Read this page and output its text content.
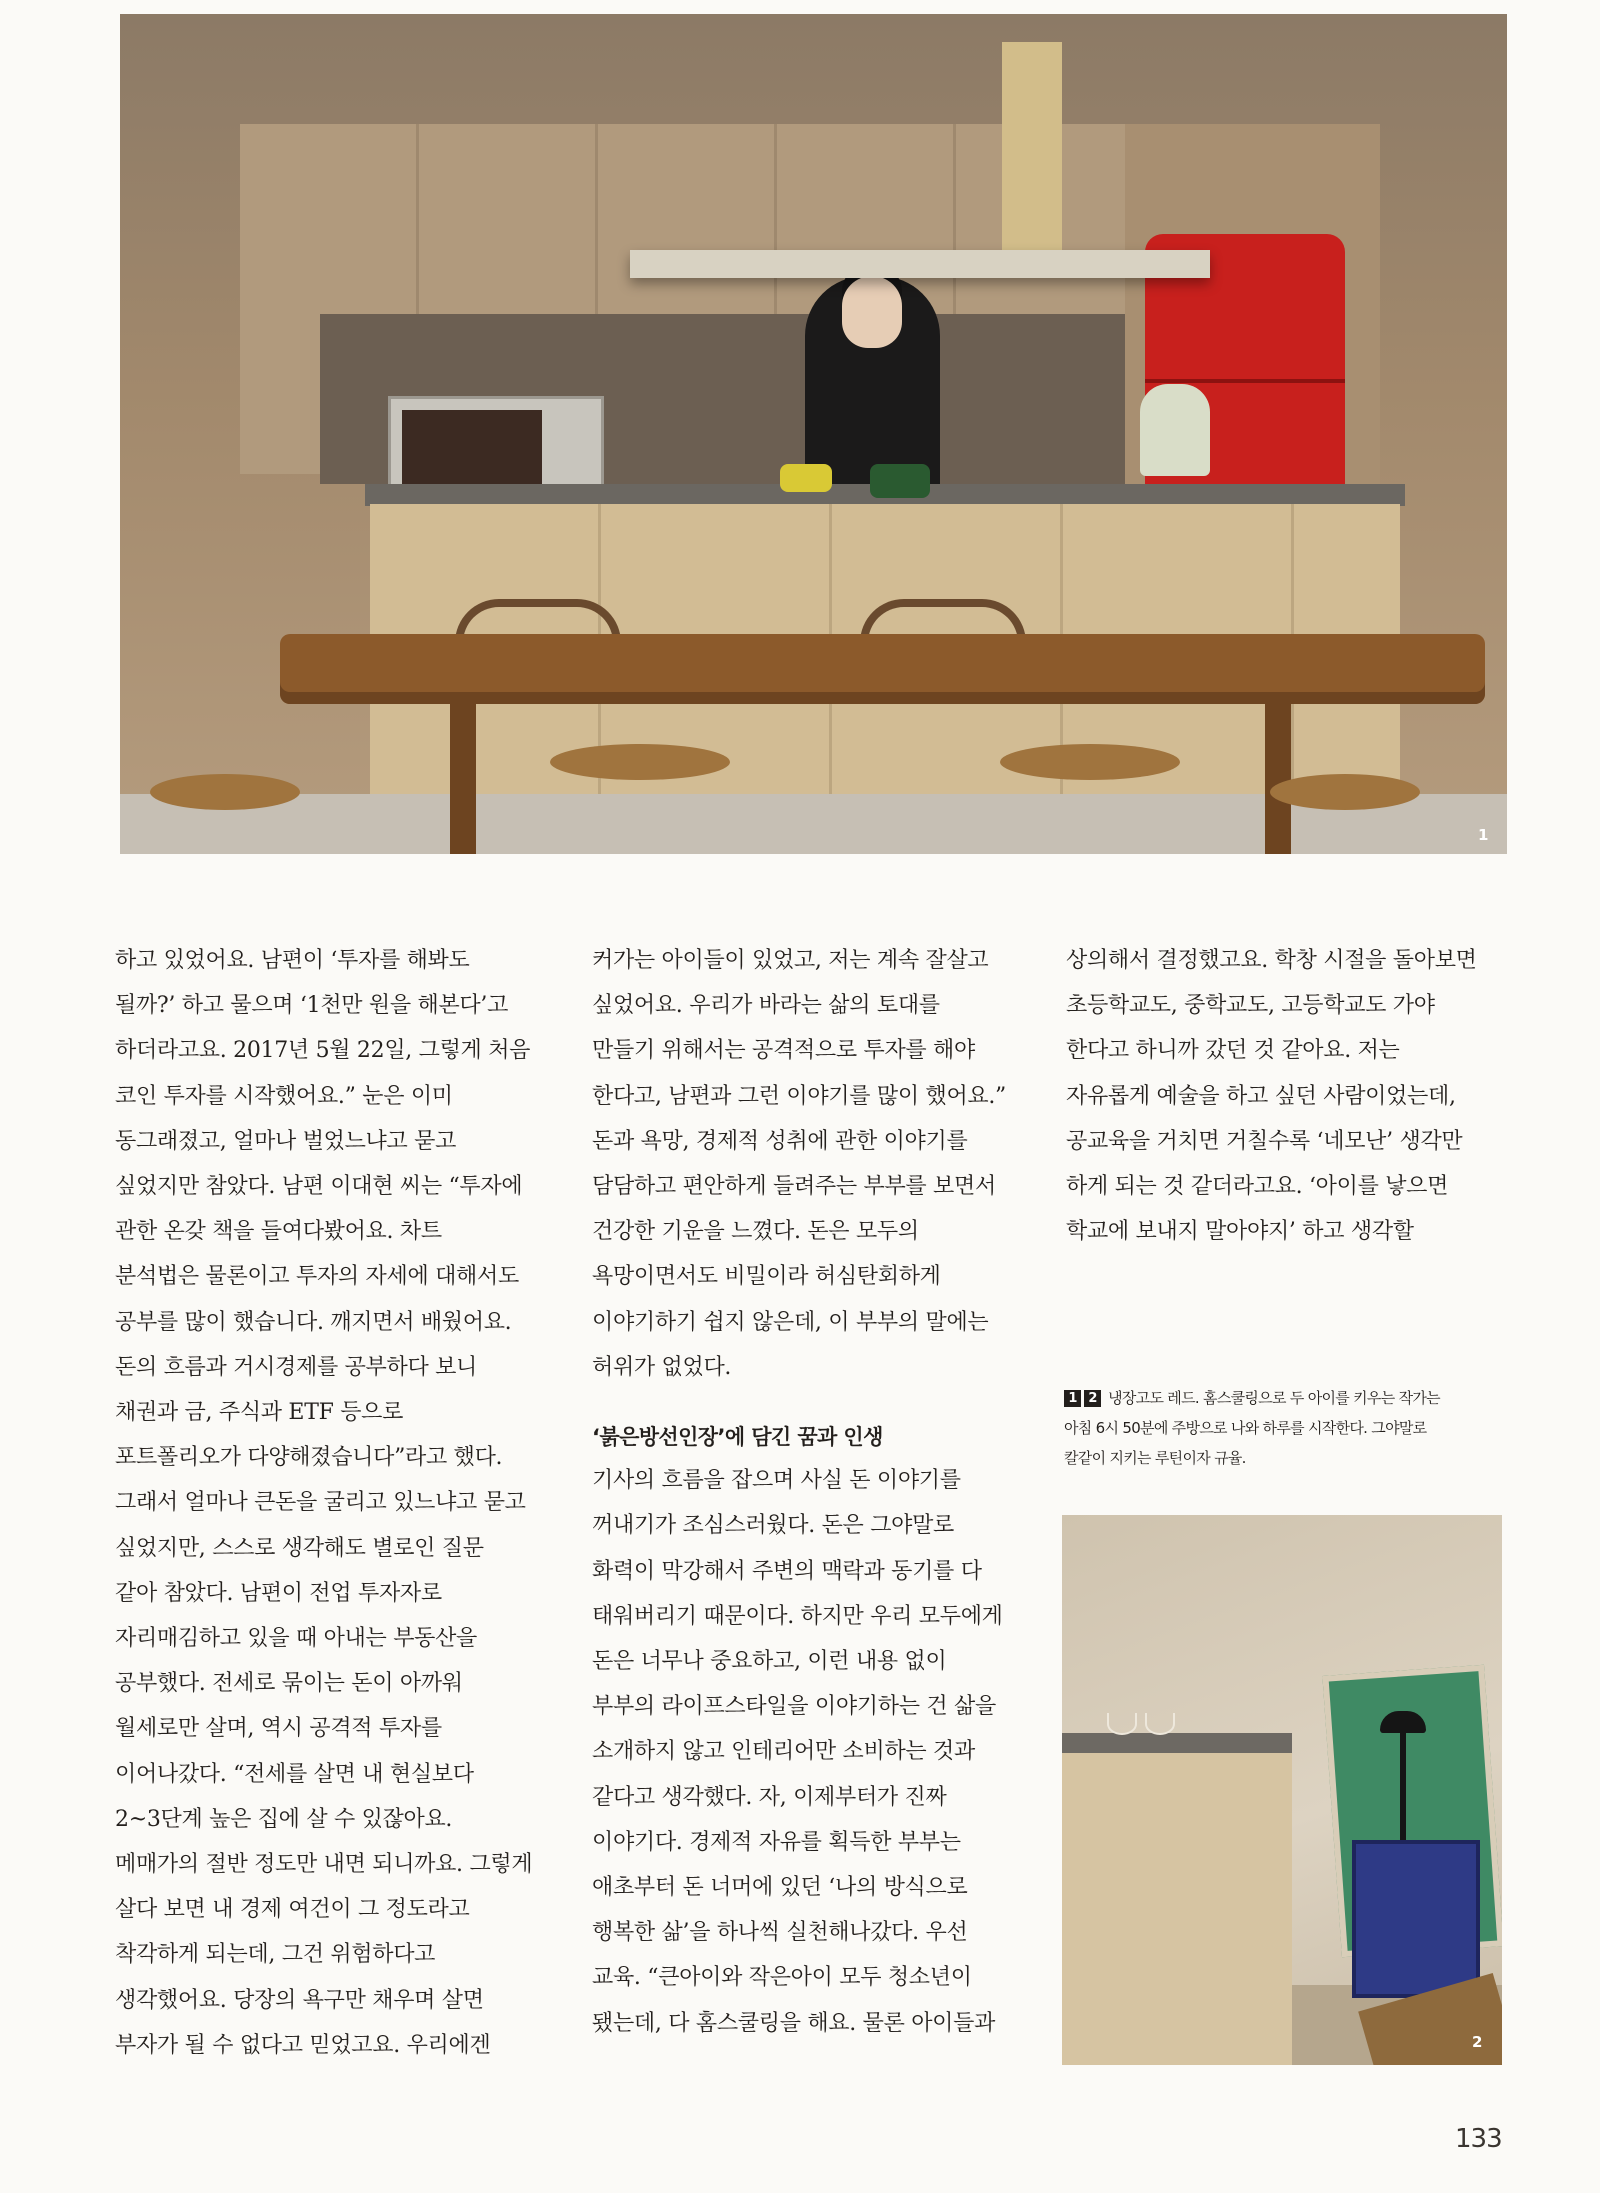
1

하고 있었어요. 남편이 ‘투자를 해봐도

될까?’ 하고 물으며 ‘1천만 원을 해본다’고

하더라고요. 2017년 5월 22일, 그렇게 처음

코인 투자를 시작했어요.” 눈은 이미

동그래졌고, 얼마나 벌었느냐고 묻고

싶었지만 참았다. 남편 이대현 씨는 “투자에

관한 온갖 책을 들여다봤어요. 차트

분석법은 물론이고 투자의 자세에 대해서도

공부를 많이 했습니다. 깨지면서 배웠어요.

돈의 흐름과 거시경제를 공부하다 보니

채권과 금, 주식과 ETF 등으로

포트폴리오가 다양해졌습니다”라고 했다.

그래서 얼마나 큰돈을 굴리고 있느냐고 묻고

싶었지만, 스스로 생각해도 별로인 질문

같아 참았다. 남편이 전업 투자자로

자리매김하고 있을 때 아내는 부동산을

공부했다. 전세로 묶이는 돈이 아까워

월세로만 살며, 역시 공격적 투자를

이어나갔다. “전세를 살면 내 현실보다

2~3단계 높은 집에 살 수 있잖아요.

메매가의 절반 정도만 내면 되니까요. 그렇게

살다 보면 내 경제 여건이 그 정도라고

착각하게 되는데, 그건 위험하다고

생각했어요. 당장의 욕구만 채우며 살면

부자가 될 수 없다고 믿었고요. 우리에겐

커가는 아이들이 있었고, 저는 계속 잘살고

싶었어요. 우리가 바라는 삶의 토대를

만들기 위해서는 공격적으로 투자를 해야

한다고, 남편과 그런 이야기를 많이 했어요.”

돈과 욕망, 경제적 성취에 관한 이야기를

담담하고 편안하게 들려주는 부부를 보면서

건강한 기운을 느꼈다. 돈은 모두의

욕망이면서도 비밀이라 허심탄회하게

이야기하기 쉽지 않은데, 이 부부의 말에는

허위가 없었다.

‘붉은방선인장’에 담긴 꿈과 인생

기사의 흐름을 잡으며 사실 돈 이야기를

꺼내기가 조심스러웠다. 돈은 그야말로

화력이 막강해서 주변의 맥락과 동기를 다

태워버리기 때문이다. 하지만 우리 모두에게

돈은 너무나 중요하고, 이런 내용 없이

부부의 라이프스타일을 이야기하는 건 삶을

소개하지 않고 인테리어만 소비하는 것과

같다고 생각했다. 자, 이제부터가 진짜

이야기다. 경제적 자유를 획득한 부부는

애초부터 돈 너머에 있던 ‘나의 방식으로

행복한 삶’을 하나씩 실천해나갔다. 우선

교육. “큰아이와 작은아이 모두 청소년이

됐는데, 다 홈스쿨링을 해요. 물론 아이들과

상의해서 결정했고요. 학창 시절을 돌아보면

초등학교도, 중학교도, 고등학교도 가야

한다고 하니까 갔던 것 같아요. 저는

자유롭게 예술을 하고 싶던 사람이었는데,

공교육을 거치면 거칠수록 ‘네모난’ 생각만

하게 되는 것 같더라고요. ‘아이를 낳으면

학교에 보내지 말아야지’ 하고 생각할

1 2 냉장고도 레드. 홈스쿨링으로 두 아이를 키우는 작가는

아침 6시 50분에 주방으로 나와 하루를 시작한다. 그야말로

칼같이 지키는 루틴이자 규율.

2
133
